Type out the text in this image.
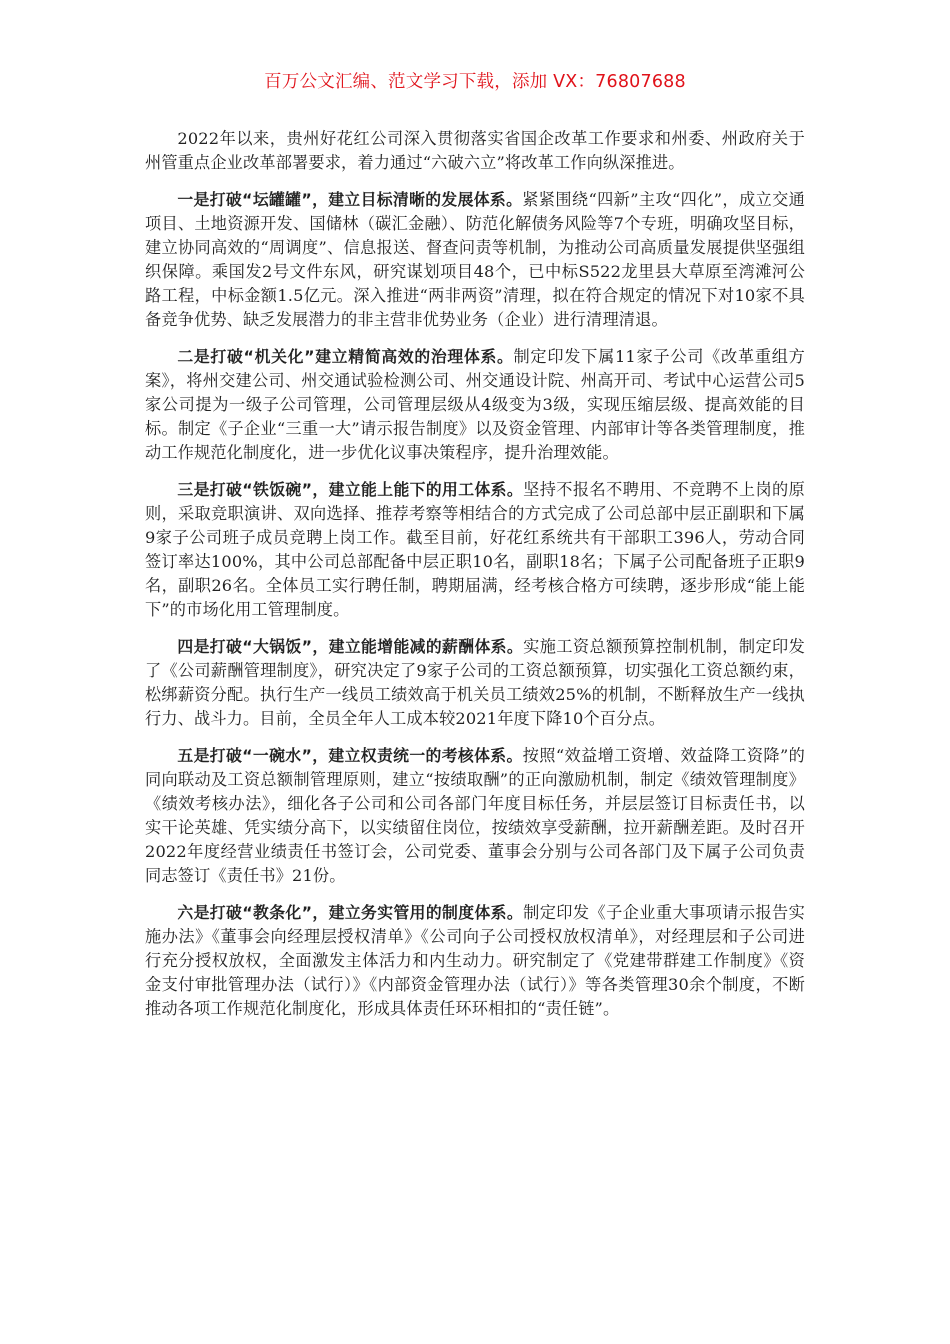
百万公文汇编、范文学习下载，添加 VX：76807688

2022年以来，贵州好花红公司深入贯彻落实省国企改革工作要求和州委、州政府关于州管重点企业改革部署要求，着力通过“六破六立”将改革工作向纵深推进。

一是打破“坛罐罐”，建立目标清晰的发展体系。紧紧围绕“四新”主攻“四化”，成立交通项目、土地资源开发、国储林（碳汇金融）、防范化解债务风险等7个专班，明确攻坚目标，建立协同高效的“周调度”、信息报送、督查问责等机制，为推动公司高质量发展提供坚强组织保障。乘国发2号文件东风，研究谋划项目48个，已中标S522龙里县大草原至湾滩河公路工程，中标金额1.5亿元。深入推进“两非两资”清理，拟在符合规定的情况下对10家不具备竞争优势、缺乏发展潜力的非主营非优势业务（企业）进行清理清退。

二是打破“机关化”建立精简高效的治理体系。制定印发下属11家子公司《改革重组方案》，将州交建公司、州交通试验检测公司、州交通设计院、州高开司、考试中心运营公司5家公司提为一级子公司管理，公司管理层级从4级变为3级，实现压缩层级、提高效能的目标。制定《子企业“三重一大”请示报告制度》以及资金管理、内部审计等各类管理制度，推动工作规范化制度化，进一步优化议事决策程序，提升治理效能。

三是打破“铁饭碗”，建立能上能下的用工体系。坚持不报名不聘用、不竞聘不上岗的原则，采取竞职演讲、双向选择、推荐考察等相结合的方式完成了公司总部中层正副职和下属9家子公司班子成员竞聘上岗工作。截至目前，好花红系统共有干部职工396人，劳动合同签订率达100%，其中公司总部配备中层正职10名，副职18名；下属子公司配备班子正职9名，副职26名。全体员工实行聘任制，聘期届满，经考核合格方可续聘，逐步形成“能上能下”的市场化用工管理制度。

四是打破“大锅饭”，建立能增能减的薪酬体系。实施工资总额预算控制机制，制定印发了《公司薪酬管理制度》，研究决定了9家子公司的工资总额预算，切实强化工资总额约束，松绑薪资分配。执行生产一线员工绩效高于机关员工绩效25%的机制，不断释放生产一线执行力、战斗力。目前，全员全年人工成本较2021年度下降10个百分点。

五是打破“一碗水”，建立权责统一的考核体系。按照“效益增工资增、效益降工资降”的同向联动及工资总额制管理原则，建立“按绩取酬”的正向激励机制，制定《绩效管理制度》《绩效考核办法》，细化各子公司和公司各部门年度目标任务，并层层签订目标责任书，以实干论英雄、凭实绩分高下，以实绩留住岗位，按绩效享受薪酬，拉开薪酬差距。及时召开2022年度经营业绩责任书签订会，公司党委、董事会分别与公司各部门及下属子公司负责同志签订《责任书》21份。

六是打破“教条化”，建立务实管用的制度体系。制定印发《子企业重大事项请示报告实施办法》《董事会向经理层授权清单》《公司向子公司授权放权清单》，对经理层和子公司进行充分授权放权，全面激发主体活力和内生动力。研究制定了《党建带群建工作制度》《资金支付审批管理办法（试行）》《内部资金管理办法（试行）》等各类管理30余个制度，不断推动各项工作规范化制度化，形成具体责任环环相扣的“责任链”。
